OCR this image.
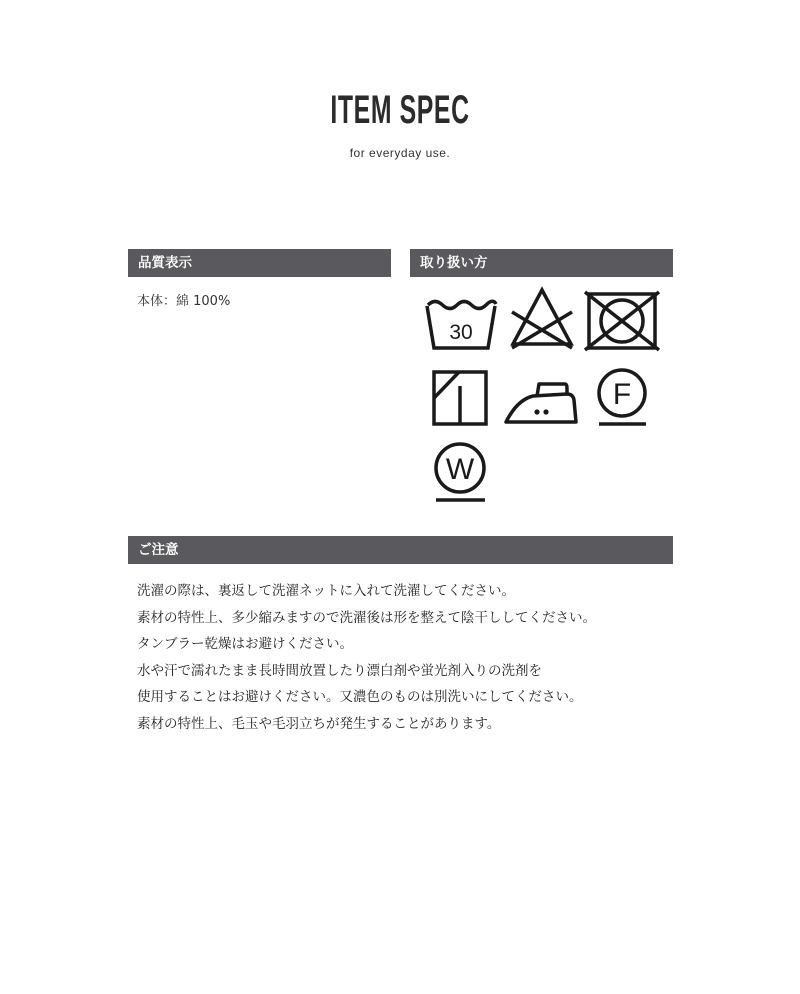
ITEM SPEC
for everyday use.
品質表示
本体：綿 100%
取り扱い方
30
F
W
ご注意
洗濯の際は、裏返して洗濯ネットに入れて洗濯してください。
素材の特性上、多少縮みますので洗濯後は形を整えて陰干ししてください。
タンブラー乾燥はお避けください。
水や汗で濡れたまま長時間放置したり漂白剤や蛍光剤入りの洗剤を
使用することはお避けください。又濃色のものは別洗いにしてください。
素材の特性上、毛玉や毛羽立ちが発生することがあります。
